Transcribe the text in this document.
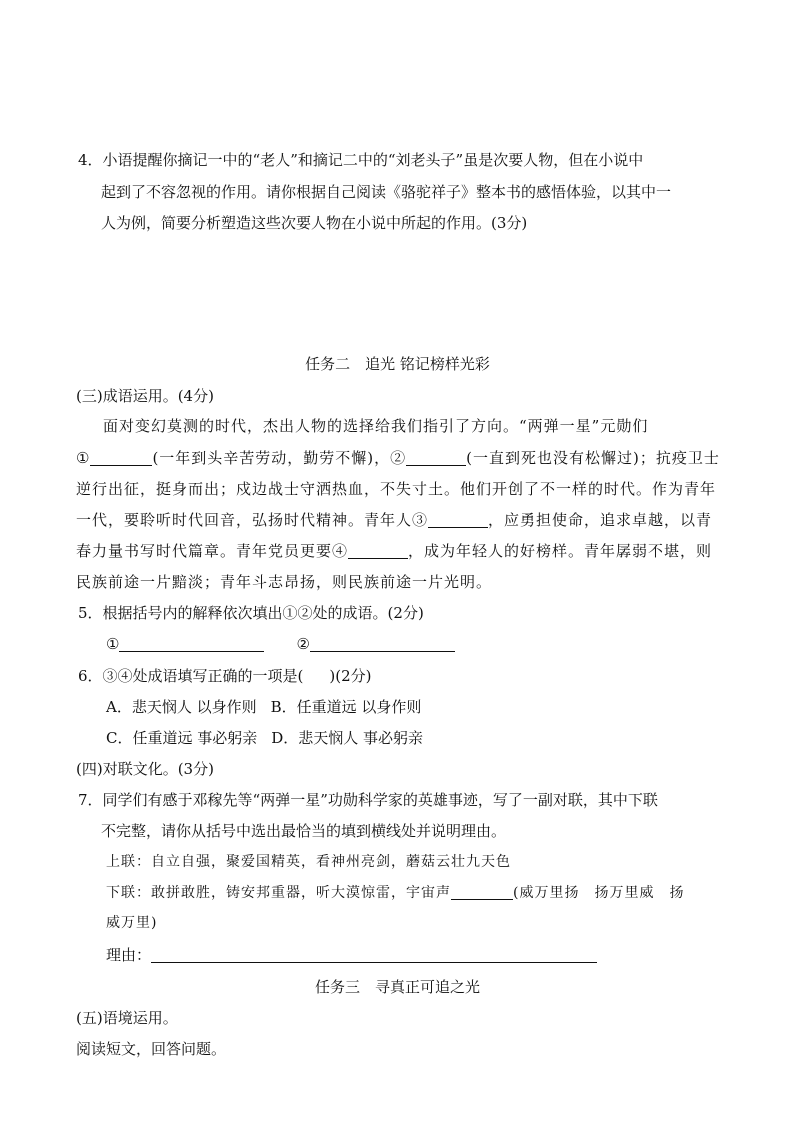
4．小语提醒你摘记一中的“老人”和摘记二中的“刘老头子”虽是次要人物，但在小说中
起到了不容忽视的作用。请你根据自己阅读《骆驼祥子》整本书的感悟体验，以其中一
人为例，简要分析塑造这些次要人物在小说中所起的作用。(3分)
任务二　追光 铭记榜样光彩
(三)成语运用。(4分)
面对变幻莫测的时代，杰出人物的选择给我们指引了方向。“两弹一星”元勋们
①	(一年到头辛苦劳动，勤劳不懈)，②	(一直到死也没有松懈过)；抗疫卫士
逆行出征，挺身而出；戍边战士守洒热血，不失寸土。他们开创了不一样的时代。作为青年
一代，要聆听时代回音，弘扬时代精神。青年人③	，应勇担使命，追求卓越，以青
春力量书写时代篇章。青年党员更要④	，成为年轻人的好榜样。青年孱弱不堪，则
民族前途一片黯淡；青年斗志昂扬，则民族前途一片光明。
5．根据括号内的解释依次填出①②处的成语。(2分)
①	②
6．③④处成语填写正确的一项是( )(2分)
A．悲天悯人 以身作则 B．任重道远 以身作则
C．任重道远 事必躬亲 D．悲天悯人 事必躬亲
(四)对联文化。(3分)
7．同学们有感于邓稼先等“两弹一星”功勋科学家的英雄事迹，写了一副对联，其中下联
不完整，请你从括号中选出最恰当的填到横线处并说明理由。
上联：自立自强，聚爱国精英，看神州亮剑，蘑菇云壮九天色
下联：敢拼敢胜，铸安邦重器，听大漠惊雷，宇宙声	(威万里扬　扬万里威　扬
威万里)
理由：
任务三　寻真正可追之光
(五)语境运用。
阅读短文，回答问题。
